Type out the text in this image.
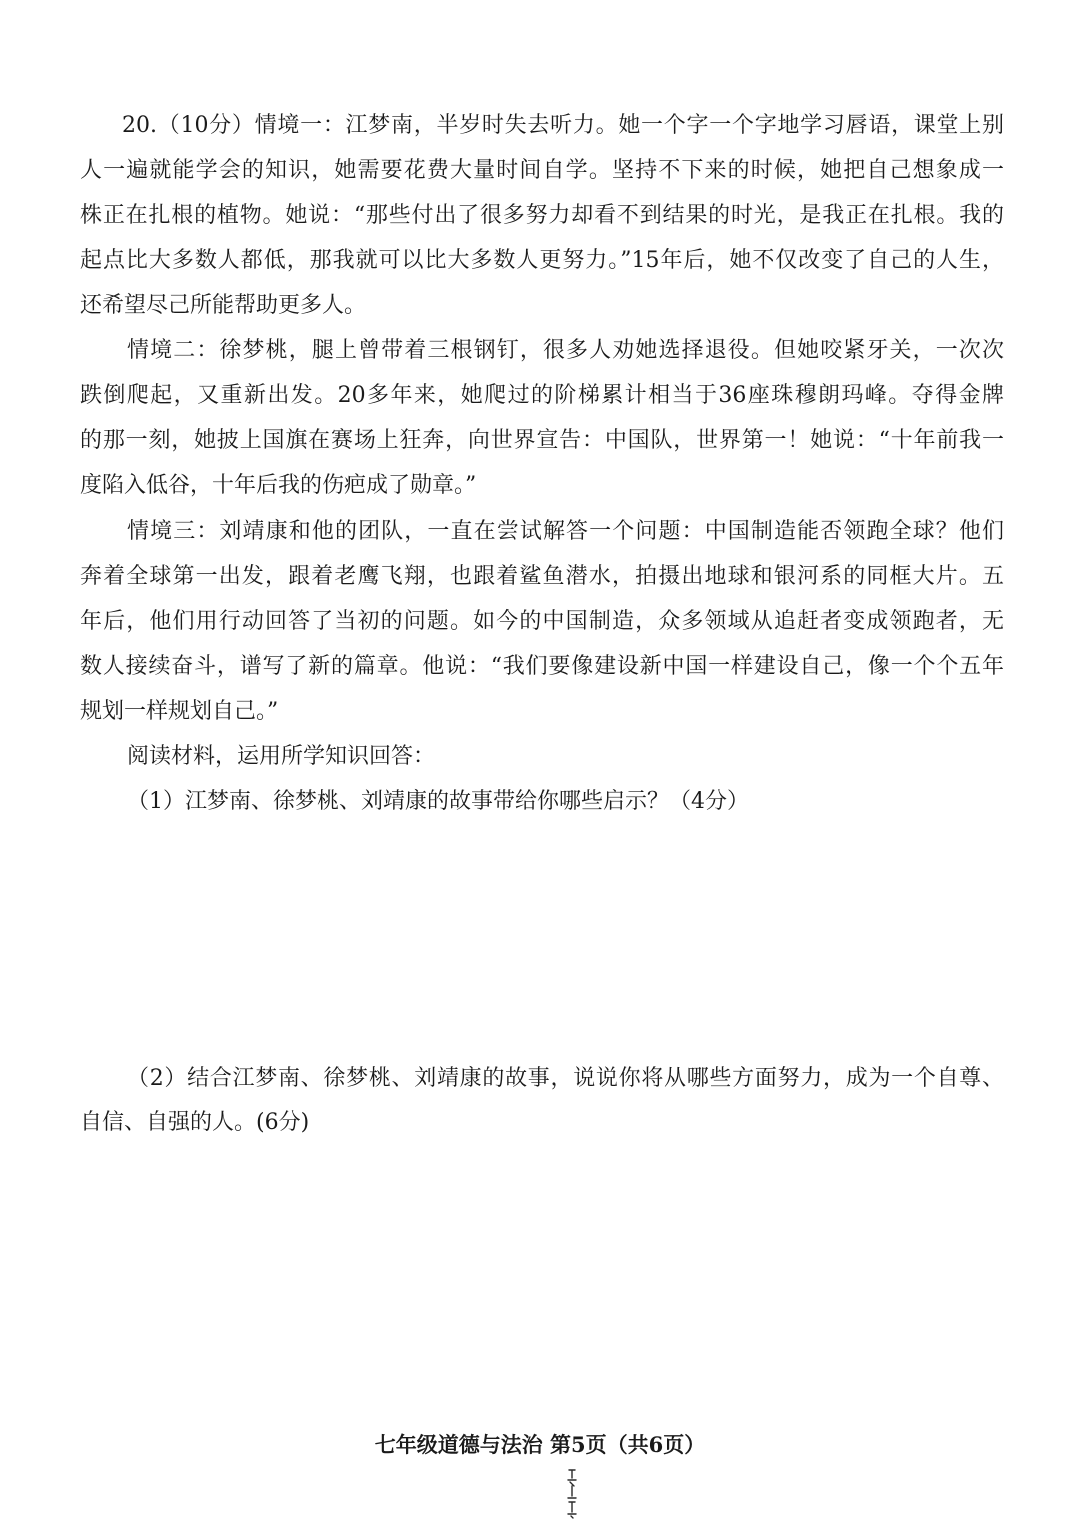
20.（10分）情境一：江梦南，半岁时失去听力。她一个字一个字地学习唇语，课堂上别
人一遍就能学会的知识，她需要花费大量时间自学。坚持不下来的时候，她把自己想象成一
株正在扎根的植物。她说：“那些付出了很多努力却看不到结果的时光，是我正在扎根。我的
起点比大多数人都低，那我就可以比大多数人更努力。”15年后，她不仅改变了自己的人生，
还希望尽己所能帮助更多人。
情境二：徐梦桃，腿上曾带着三根钢钉，很多人劝她选择退役。但她咬紧牙关，一次次
跌倒爬起，又重新出发。20多年来，她爬过的阶梯累计相当于36座珠穆朗玛峰。夺得金牌
的那一刻，她披上国旗在赛场上狂奔，向世界宣告：中国队，世界第一！她说：“十年前我一
度陷入低谷，十年后我的伤疤成了勋章。”
情境三：刘靖康和他的团队，一直在尝试解答一个问题：中国制造能否领跑全球？他们
奔着全球第一出发，跟着老鹰飞翔，也跟着鲨鱼潜水，拍摄出地球和银河系的同框大片。五
年后，他们用行动回答了当初的问题。如今的中国制造，众多领域从追赶者变成领跑者，无
数人接续奋斗，谱写了新的篇章。他说：“我们要像建设新中国一样建设自己，像一个个五年
规划一样规划自己。”
阅读材料，运用所学知识回答：
（1）江梦南、徐梦桃、刘靖康的故事带给你哪些启示？（4分）
（2）结合江梦南、徐梦桃、刘靖康的故事，说说你将从哪些方面努力，成为一个自尊、
自信、自强的人。(6分)
七年级道德与法治 第5页（共6页）
